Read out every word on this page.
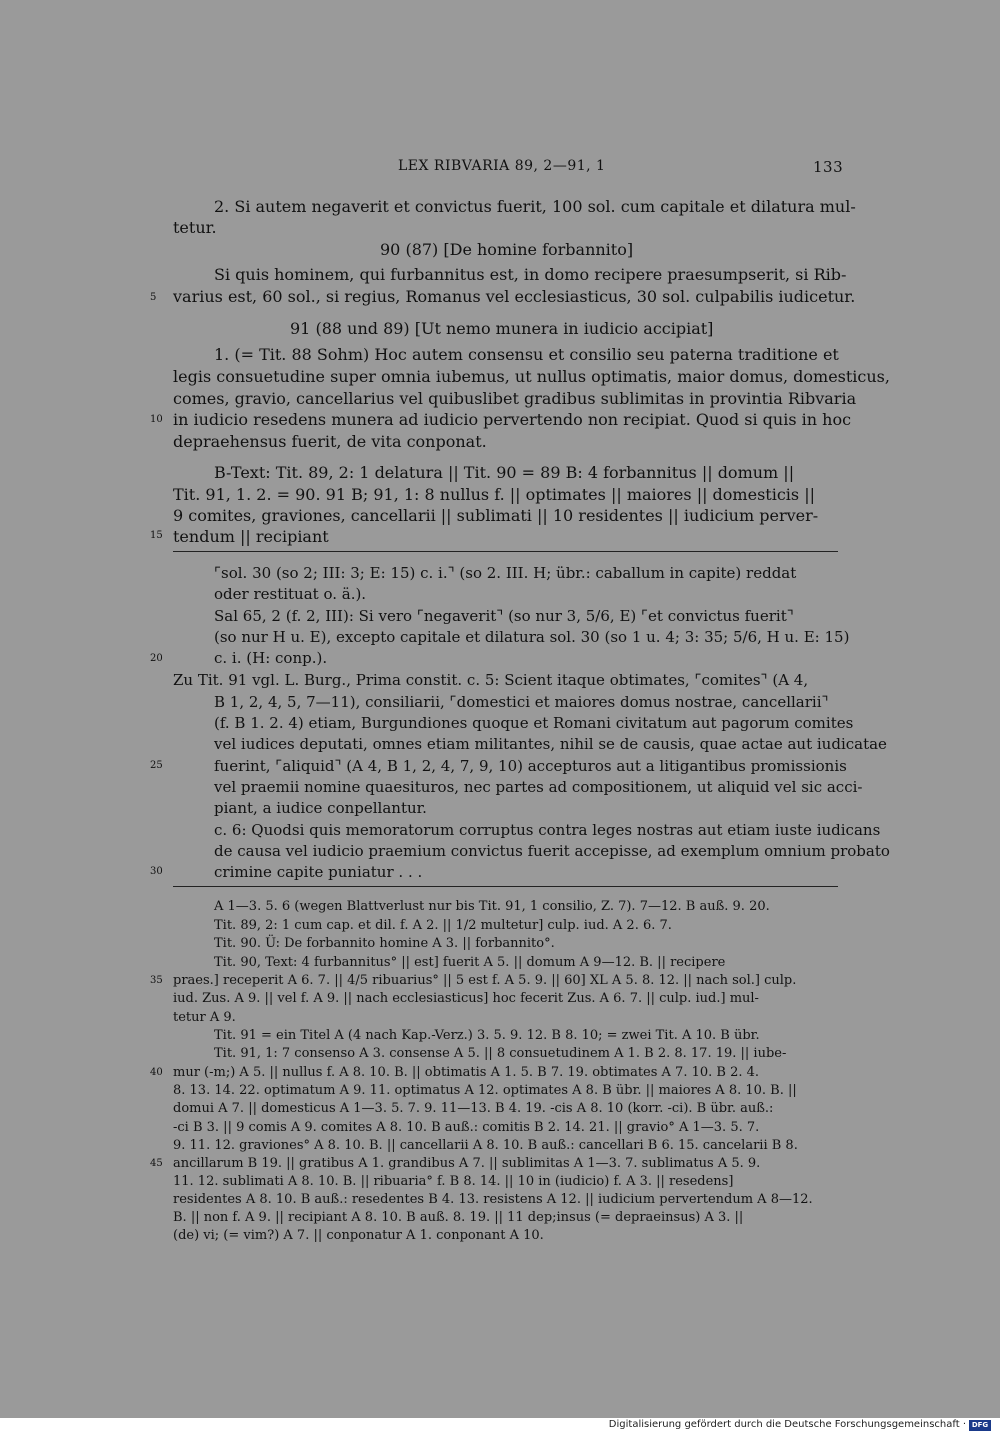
LEX RIBVARIA 89, 2—91, 1	133
2. Si autem negaverit et convictus fuerit, 100 sol. cum capitale et dilatura mul-
tetur.
90 (87) [De homine forbannito]
Si quis hominem, qui furbannitus est, in domo recipere praesumpserit, si Rib-
varius est, 60 sol., si regius, Romanus vel ecclesiasticus, 30 sol. culpabilis iudicetur.
91 (88 und 89) [Ut nemo munera in iudicio accipiat]
1. (= Tit. 88 Sohm) Hoc autem consensu et consilio seu paterna traditione et
legis consuetudine super omnia iubemus, ut nullus optimatis, maior domus, domesticus,
comes, gravio, cancellarius vel quibuslibet gradibus sublimitas in provintia Ribvaria
in iudicio resedens munera ad iudicio pervertendo non recipiat. Quod si quis in hoc
depraehensus fuerit, de vita conponat.
B-Text: Tit. 89, 2: 1 delatura || Tit. 90 = 89 B: 4 forbannitus || domum ||
Tit. 91, 1. 2. = 90. 91 B; 91, 1: 8 nullus f. || optimates || maiores || domesticis ||
9 comites, graviones, cancellarii || sublimati || 10 residentes || iudicium perver-
tendum || recipiant
5
10
15
⌜sol. 30 (so 2; III: 3; E: 15) c. i.⌝ (so 2. III. H; übr.: caballum in capite) reddat
oder restituat o. ä.).
Sal 65, 2 (f. 2, III): Si vero ⌜negaverit⌝ (so nur 3, 5/6, E) ⌜et convictus fuerit⌝
(so nur H u. E), excepto capitale et dilatura sol. 30 (so 1 u. 4; 3: 35; 5/6, H u. E: 15)
c. i. (H: conp.).
Zu Tit. 91 vgl. L. Burg., Prima constit. c. 5: Scient itaque obtimates, ⌜comites⌝ (A 4,
B 1, 2, 4, 5, 7—11), consiliarii, ⌜domestici et maiores domus nostrae, cancellarii⌝
(f. B 1. 2. 4) etiam, Burgundiones quoque et Romani civitatum aut pagorum comites
vel iudices deputati, omnes etiam militantes, nihil se de causis, quae actae aut iudicatae
fuerint, ⌜aliquid⌝ (A 4, B 1, 2, 4, 7, 9, 10) accepturos aut a litigantibus promissionis
vel praemii nomine quaesituros, nec partes ad compositionem, ut aliquid vel sic acci-
piant, a iudice conpellantur.
c. 6: Quodsi quis memoratorum corruptus contra leges nostras aut etiam iuste iudicans
de causa vel iudicio praemium convictus fuerit accepisse, ad exemplum omnium probato
crimine capite puniatur . . .
20
25
30
A 1—3. 5. 6 (wegen Blattverlust nur bis Tit. 91, 1 consilio, Z. 7). 7—12. B auß. 9. 20.
Tit. 89, 2: 1 cum cap. et dil. f. A 2. || 1/2 multetur] culp. iud. A 2. 6. 7.
Tit. 90. Ü: De forbannito homine A 3. || forbannito°.
Tit. 90, Text: 4 furbannitus° || est] fuerit A 5. || domum A 9—12. B. || recipere
praes.] receperit A 6. 7. || 4/5 ribuarius° || 5 est f. A 5. 9. || 60] XL A 5. 8. 12. || nach sol.] culp.
iud. Zus. A 9. || vel f. A 9. || nach ecclesiasticus] hoc fecerit Zus. A 6. 7. || culp. iud.] mul-
tetur A 9.
Tit. 91 = ein Titel A (4 nach Kap.-Verz.) 3. 5. 9. 12. B 8. 10; = zwei Tit. A 10. B übr.
Tit. 91, 1: 7 consenso A 3. consense A 5. || 8 consuetudinem A 1. B 2. 8. 17. 19. || iube-
mur (-m;) A 5. || nullus f. A 8. 10. B. || obtimatis A 1. 5. B 7. 19. obtimates A 7. 10. B 2. 4.
8. 13. 14. 22. optimatum A 9. 11. optimatus A 12. optimates A 8. B übr. || maiores A 8. 10. B. ||
domui A 7. || domesticus A 1—3. 5. 7. 9. 11—13. B 4. 19. -cis A 8. 10 (korr. -ci). B übr. auß.:
-ci B 3. || 9 comis A 9. comites A 8. 10. B auß.: comitis B 2. 14. 21. || gravio° A 1—3. 5. 7.
9. 11. 12. graviones° A 8. 10. B. || cancellarii A 8. 10. B auß.: cancellari B 6. 15. cancelarii B 8.
ancillarum B 19. || gratibus A 1. grandibus A 7. || sublimitas A 1—3. 7. sublimatus A 5. 9.
11. 12. sublimati A 8. 10. B. || ribuaria° f. B 8. 14. || 10 in (iudicio) f. A 3. || resedens]
residentes A 8. 10. B auß.: resedentes B 4. 13. resistens A 12. || iudicium pervertendum A 8—12.
B. || non f. A 9. || recipiant A 8. 10. B auß. 8. 19. || 11 dep;insus (= depraeinsus) A 3. ||
(de) vi; (= vim?) A 7. || conponatur A 1. conponant A 10.
35
40
45
Digitalisierung gefördert durch die Deutsche Forschungsgemeinschaft · DFG
